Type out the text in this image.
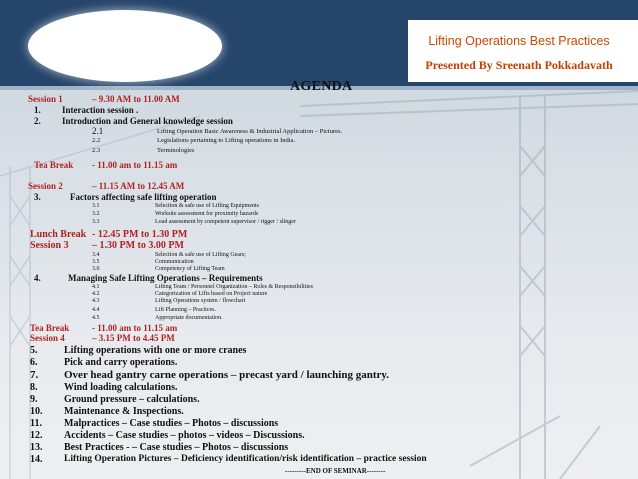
Lifting Operations Best Practices
Presented By Sreenath Pokkadavath
AGENDA
Session 1	– 9.30 AM to 11.00 AM
1. Interaction session .
2. Introduction and General knowledge session
2.1	Lifting Operation Basic Awareness & Industrial Application – Pictures.
2.2	Legislations pertaining to Lifting operations in India.
2.3	Terminologies
Tea Break - 11.00 am to 11.15 am
Session 2	– 11.15 AM to 12.45 AM
3.	Factors affecting safe lifting operation
3.1	Selection & safe use of Lifting Equipments
3.2	Worksite assessment for proximity hazards
3.3	Load assessment by competent supervisor / rigger / slinger
Lunch Break - 12.45 PM to 1.30 PM
Session 3 – 1.30 PM to 3.00 PM
3.4	Selection & safe use of Lifting Gears;
3.5	Communication
3.6	Competency of Lifting Team
4.	Managing Safe Lifting Operations – Requirements
4.1	Lifting Team / Personnel Organization – Roles & Responsibilities
4.2	Categorization of Lifts based on Project nature
4.3	Lifting Operations system / flowchart
4.4	Lift Planning – Practices.
4.5	Appropriate documentation.
Tea Break	- 11.00 am to 11.15 am
Session 4	– 3.15 PM to 4.45 PM
5.	Lifting operations with one or more cranes
6.	Pick and carry operations.
7. Over head gantry carne operations – precast yard / launching gantry.
8.	Wind loading calculations.
9.	Ground pressure – calculations.
10. Maintenance & Inspections.
11. Malpractices – Case studies – Photos – discussions
12. Accidents – Case studies – photos – videos – Discussions.
13. Best Practices - – Case studies – Photos – discussions
14. Lifting Operation Pictures – Deficiency identification/risk identification – practice session
---------END OF SEMINAR--------
